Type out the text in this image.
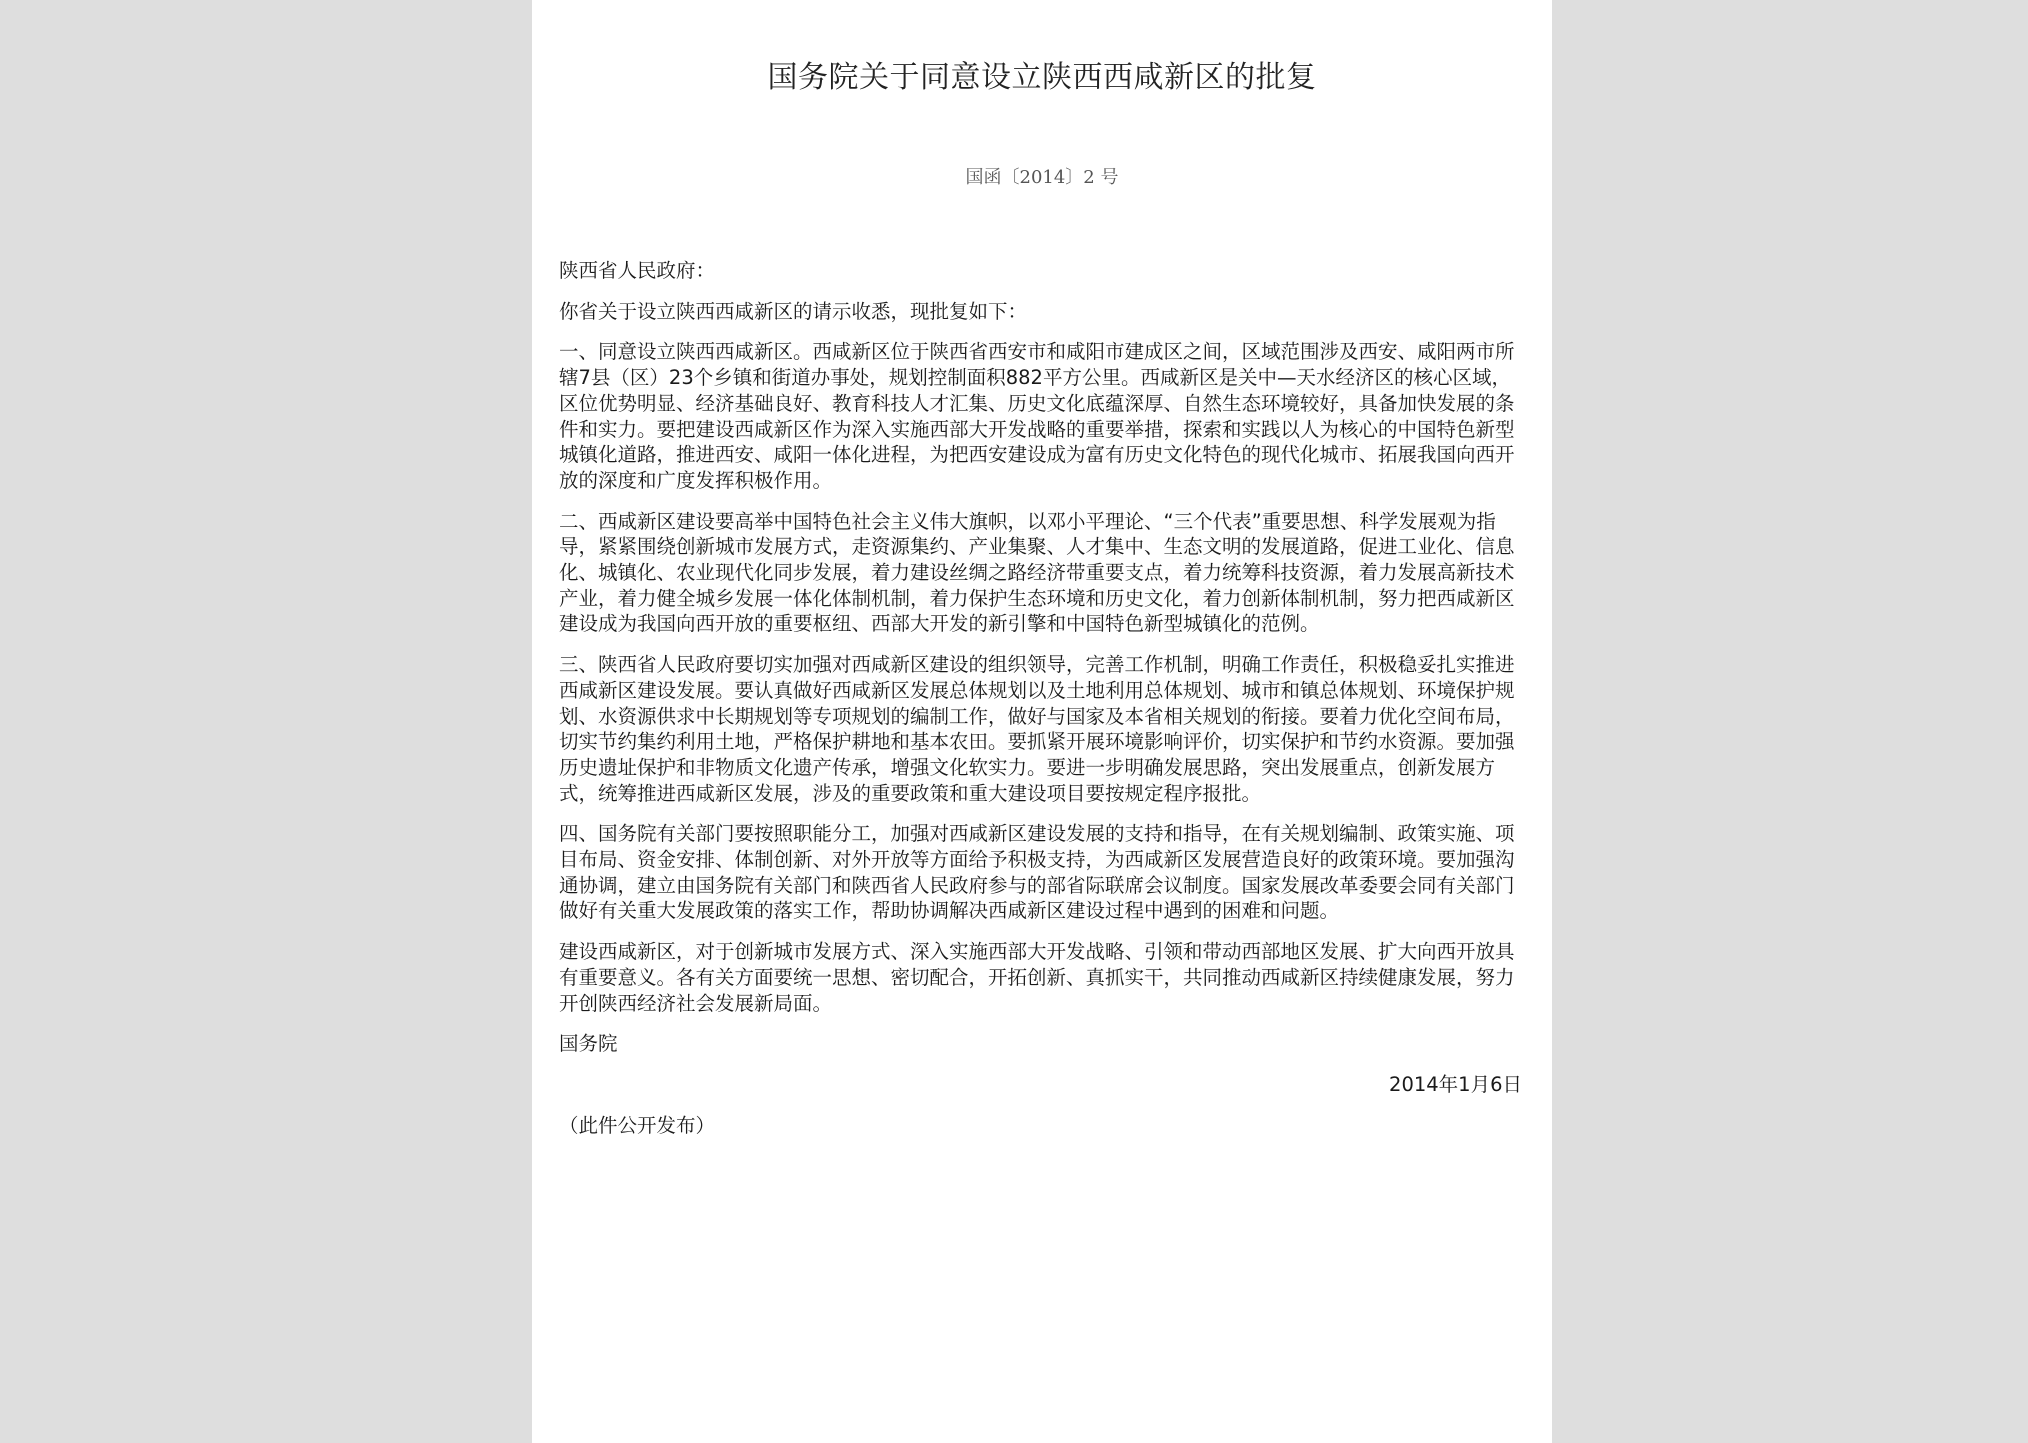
国务院关于同意设立陕西西咸新区的批复
国函〔2014〕2 号

陕西省人民政府：

你省关于设立陕西西咸新区的请示收悉，现批复如下：

一、同意设立陕西西咸新区。西咸新区位于陕西省西安市和咸阳市建成区之间，区域范围涉及西安、咸阳两市所辖7县（区）23个乡镇和街道办事处，规划控制面积882平方公里。西咸新区是关中—天水经济区的核心区域，区位优势明显、经济基础良好、教育科技人才汇集、历史文化底蕴深厚、自然生态环境较好，具备加快发展的条件和实力。要把建设西咸新区作为深入实施西部大开发战略的重要举措，探索和实践以人为核心的中国特色新型城镇化道路，推进西安、咸阳一体化进程，为把西安建设成为富有历史文化特色的现代化城市、拓展我国向西开放的深度和广度发挥积极作用。

二、西咸新区建设要高举中国特色社会主义伟大旗帜，以邓小平理论、“三个代表”重要思想、科学发展观为指导，紧紧围绕创新城市发展方式，走资源集约、产业集聚、人才集中、生态文明的发展道路，促进工业化、信息化、城镇化、农业现代化同步发展，着力建设丝绸之路经济带重要支点，着力统筹科技资源，着力发展高新技术产业，着力健全城乡发展一体化体制机制，着力保护生态环境和历史文化，着力创新体制机制，努力把西咸新区建设成为我国向西开放的重要枢纽、西部大开发的新引擎和中国特色新型城镇化的范例。

三、陕西省人民政府要切实加强对西咸新区建设的组织领导，完善工作机制，明确工作责任，积极稳妥扎实推进西咸新区建设发展。要认真做好西咸新区发展总体规划以及土地利用总体规划、城市和镇总体规划、环境保护规划、水资源供求中长期规划等专项规划的编制工作，做好与国家及本省相关规划的衔接。要着力优化空间布局，切实节约集约利用土地，严格保护耕地和基本农田。要抓紧开展环境影响评价，切实保护和节约水资源。要加强历史遗址保护和非物质文化遗产传承，增强文化软实力。要进一步明确发展思路，突出发展重点，创新发展方式，统筹推进西咸新区发展，涉及的重要政策和重大建设项目要按规定程序报批。

四、国务院有关部门要按照职能分工，加强对西咸新区建设发展的支持和指导，在有关规划编制、政策实施、项目布局、资金安排、体制创新、对外开放等方面给予积极支持，为西咸新区发展营造良好的政策环境。要加强沟通协调，建立由国务院有关部门和陕西省人民政府参与的部省际联席会议制度。国家发展改革委要会同有关部门做好有关重大发展政策的落实工作，帮助协调解决西咸新区建设过程中遇到的困难和问题。

建设西咸新区，对于创新城市发展方式、深入实施西部大开发战略、引领和带动西部地区发展、扩大向西开放具有重要意义。各有关方面要统一思想、密切配合，开拓创新、真抓实干，共同推动西咸新区持续健康发展，努力开创陕西经济社会发展新局面。

国务院

2014年1月6日

（此件公开发布）
